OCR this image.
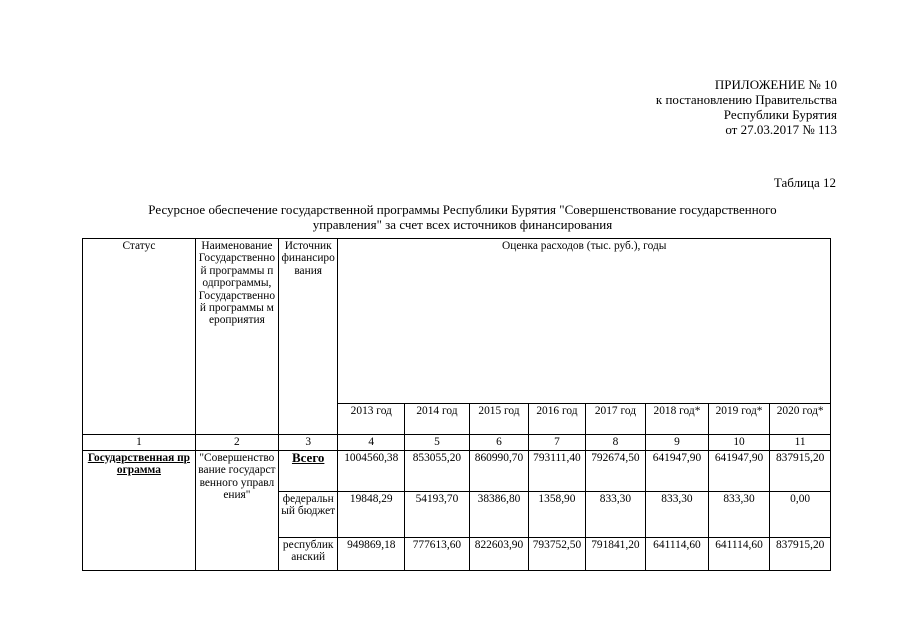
ПРИЛОЖЕНИЕ № 10
к постановлению Правительства
Республики Бурятия
от 27.03.2017 № 113
Таблица 12
Ресурсное обеспечение государственной программы Республики Бурятия "Совершенствование государственного
управления" за счет всех источников финансирования
Статус	Наименование Государственной программы подпрограммы, Государственной программы мероприятия	Источник финансирования	Оценка расходов (тыс. руб.), годы							
			2013 год	2014 год	2015 год	2016 год	2017 год	2018 год*	2019 год*	2020 год*
1	2	3	4	5	6	7	8	9	10	11
Государственная программа	"Совершенствование государственного управления"	Всего	1004560,38	853055,20	860990,70	793111,40	792674,50	641947,90	641947,90	837915,20
		федеральный бюджет	19848,29	54193,70	38386,80	1358,90	833,30	833,30	833,30	0,00
		республиканский	949869,18	777613,60	822603,90	793752,50	791841,20	641114,60	641114,60	837915,20
